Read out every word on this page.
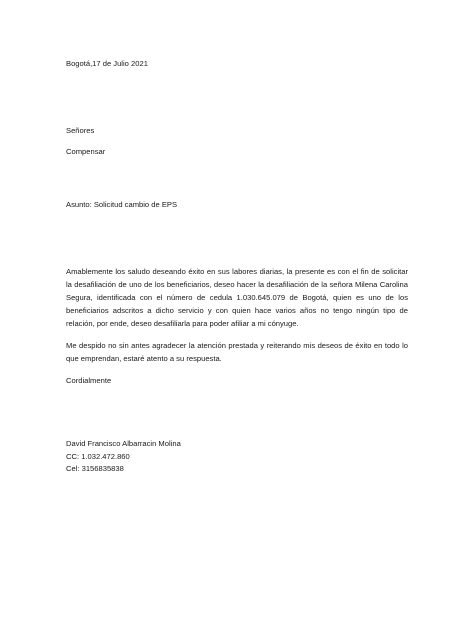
Bogotá,17 de Julio 2021
Señores
Compensar
Asunto: Solicitud cambio de EPS

Amablemente los saludo deseando éxito en sus labores diarias, la presente es con el fin de solicitar la desafiliación de uno de los beneficiarios, deseo hacer la desafiliación de la señora Milena Carolina Segura, identificada con el número de cedula 1.030.645.079 de Bogotá, quien es uno de los beneficiarios adscritos a dicho servicio y con quien hace varios años no tengo ningún tipo de relación, por ende, deseo desafiliarla para poder afiliar a mi cónyuge.

Me despido no sin antes agradecer la atención prestada y reiterando mis deseos de éxito en todo lo que emprendan, estaré atento a su respuesta.

Cordialmente
David Francisco Albarracin Molina
CC: 1.032.472.860
Cel: 3156835838
